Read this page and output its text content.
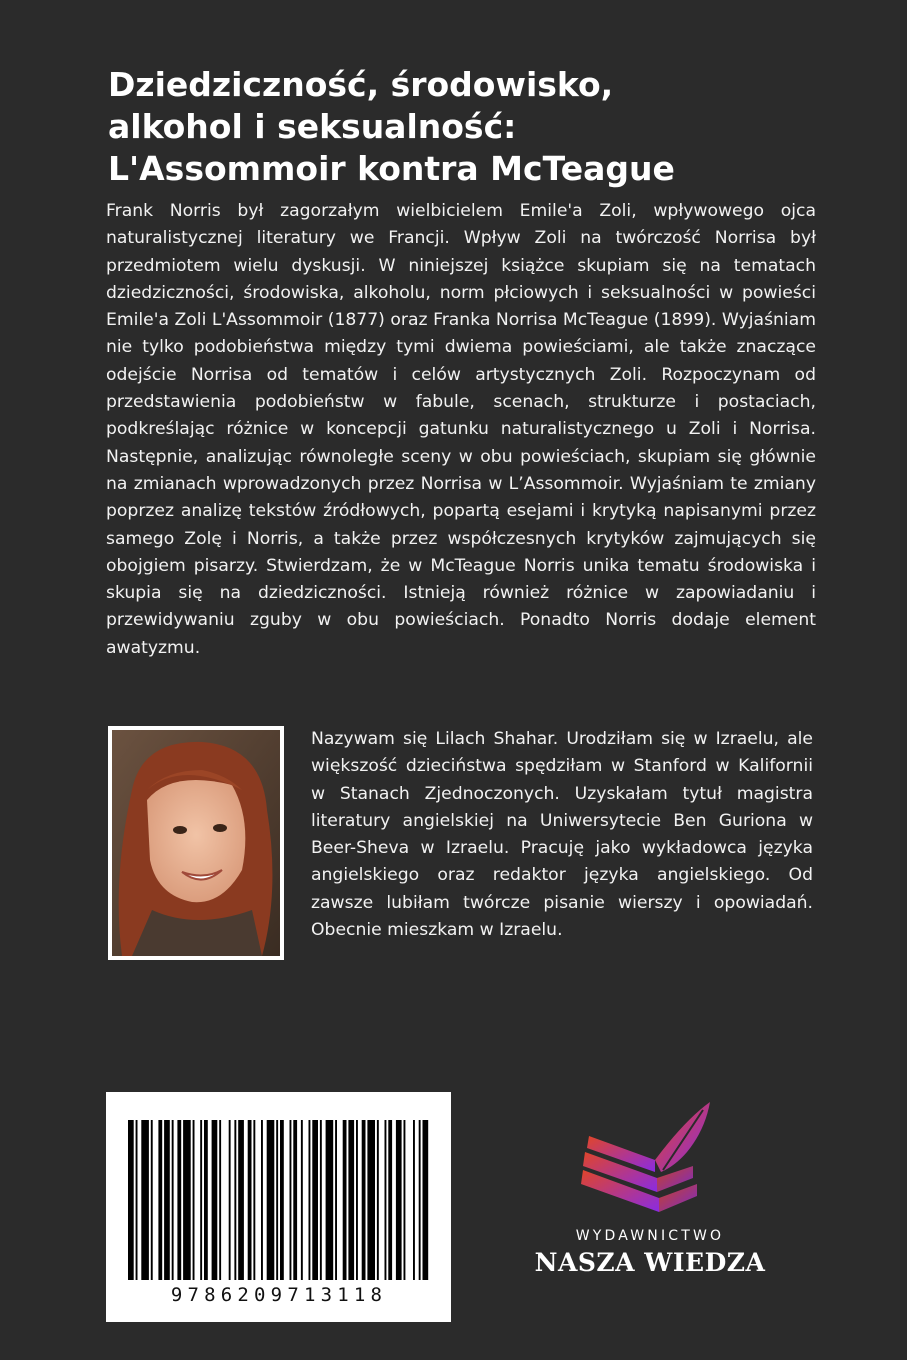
Dziedziczność, środowisko,
alkohol i seksualność:
L'Assommoir kontra McTeague

Frank Norris był zagorzałym wielbicielem Emile'a Zoli, wpływowego ojca naturalistycznej literatury we Francji. Wpływ Zoli na twórczość Norrisa był przedmiotem wielu dyskusji. W niniejszej książce skupiam się na tematach dziedziczności, środowiska, alkoholu, norm płciowych i seksualności w powieści Emile'a Zoli L'Assommoir (1877) oraz Franka Norrisa McTeague (1899). Wyjaśniam nie tylko podobieństwa między tymi dwiema powieściami, ale także znaczące odejście Norrisa od tematów i celów artystycznych Zoli. Rozpoczynam od przedstawienia podobieństw w fabule, scenach, strukturze i postaciach, podkreślając różnice w koncepcji gatunku naturalistycznego u Zoli i Norrisa. Następnie, analizując równoległe sceny w obu powieściach, skupiam się głównie na zmianach wprowadzonych przez Norrisa w L’Assommoir. Wyjaśniam te zmiany poprzez analizę tekstów źródłowych, popartą esejami i krytyką napisanymi przez samego Zolę i Norris, a także przez współczesnych krytyków zajmujących się obojgiem pisarzy. Stwierdzam, że w McTeague Norris unika tematu środowiska i skupia się na dziedziczności. Istnieją również różnice w zapowiadaniu i przewidywaniu zguby w obu powieściach. Ponadto Norris dodaje element awatyzmu.

Nazywam się Lilach Shahar. Urodziłam się w Izraelu, ale większość dzieciństwa spędziłam w Stanford w Kalifornii w Stanach Zjednoczonych. Uzyskałam tytuł magistra literatury angielskiej na Uniwersytecie Ben Guriona w Beer-Sheva w Izraelu. Pracuję jako wykładowca języka angielskiego oraz redaktor języka angielskiego. Od zawsze lubiłam twórcze pisanie wierszy i opowiadań. Obecnie mieszkam w Izraelu.

9786209713118
WYDAWNICTWO
NASZA WIEDZA
